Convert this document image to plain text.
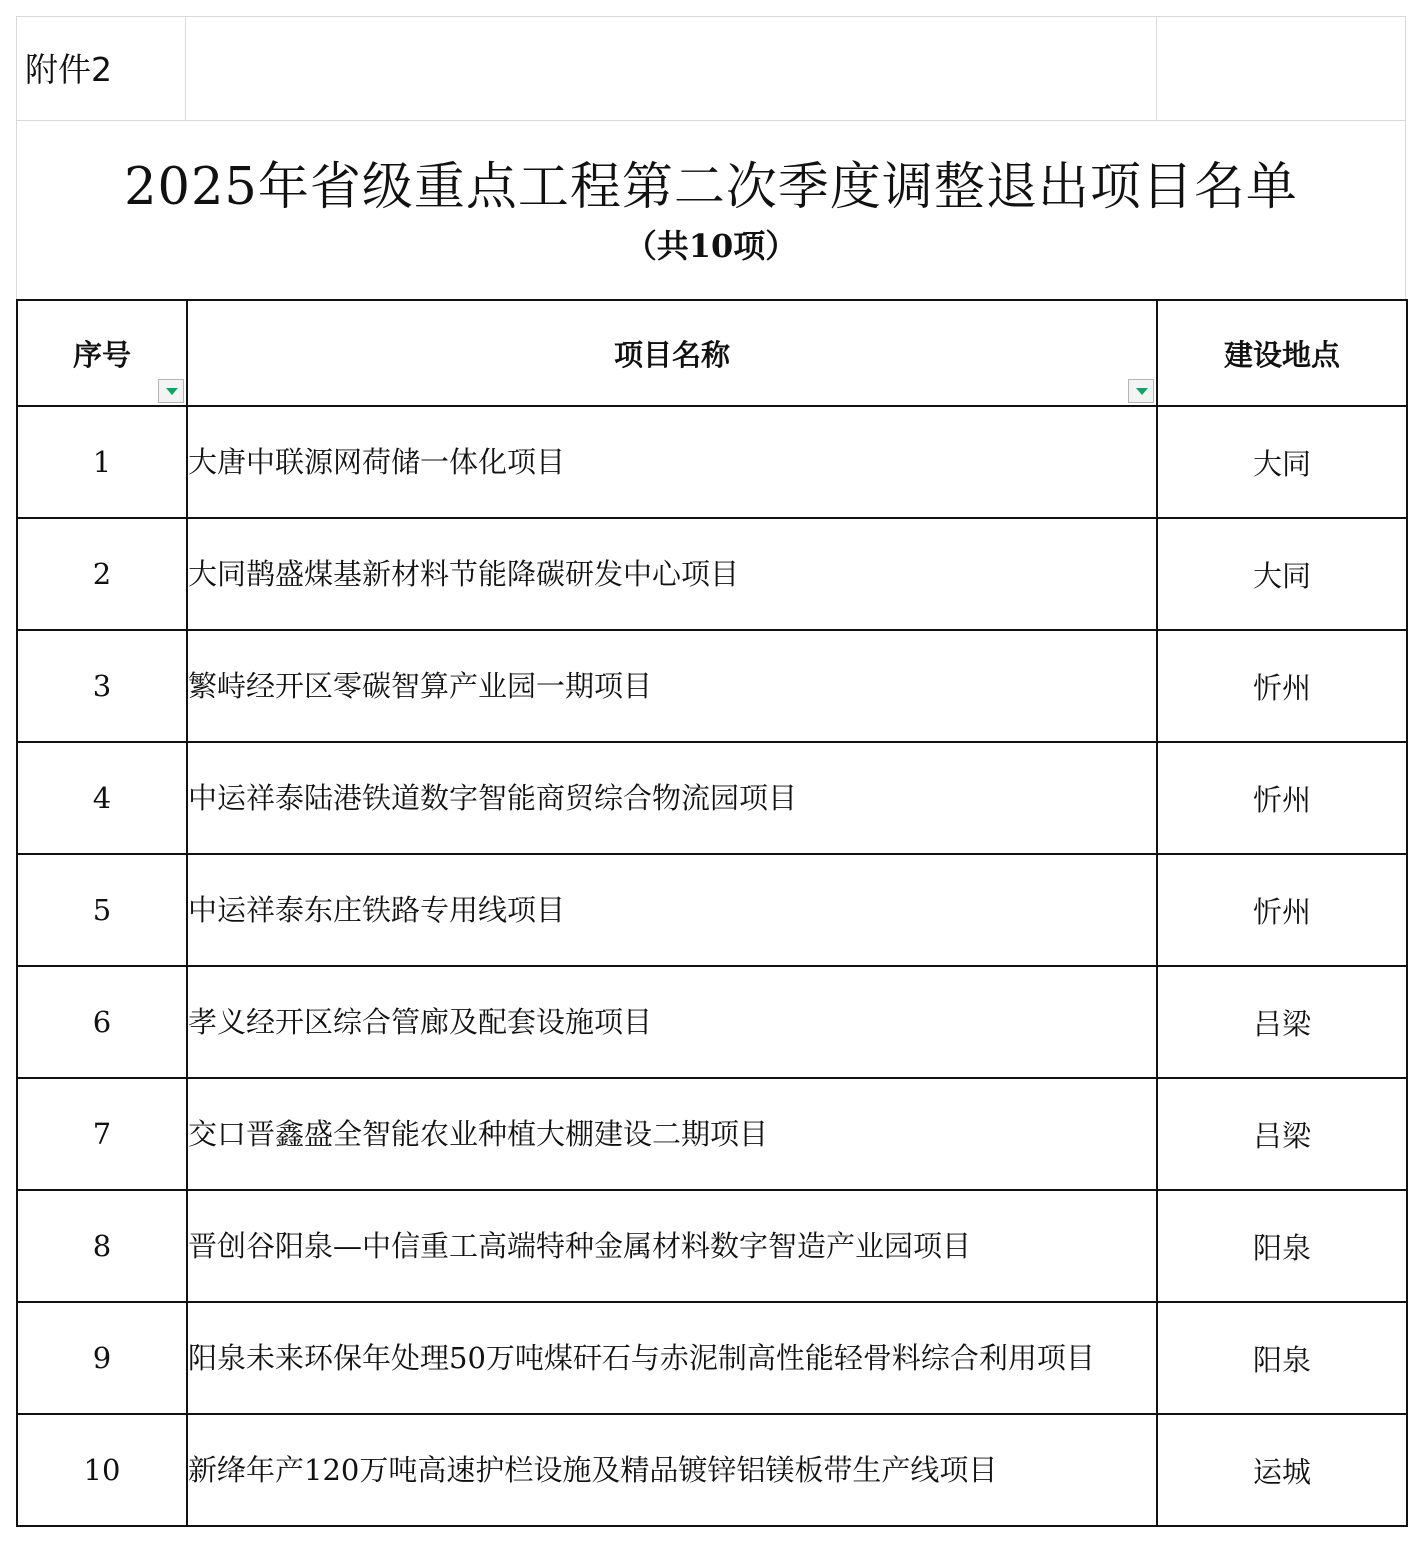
附件2
2025年省级重点工程第二次季度调整退出项目名单
（共10项）
序号	项目名称	建设地点
1	大唐中联源网荷储一体化项目	大同
2	大同鹊盛煤基新材料节能降碳研发中心项目	大同
3	繁峙经开区零碳智算产业园一期项目	忻州
4	中运祥泰陆港铁道数字智能商贸综合物流园项目	忻州
5	中运祥泰东庄铁路专用线项目	忻州
6	孝义经开区综合管廊及配套设施项目	吕梁
7	交口晋鑫盛全智能农业种植大棚建设二期项目	吕梁
8	晋创谷阳泉—中信重工高端特种金属材料数字智造产业园项目	阳泉
9	阳泉未来环保年处理50万吨煤矸石与赤泥制高性能轻骨料综合利用项目	阳泉
10	新绛年产120万吨高速护栏设施及精品镀锌铝镁板带生产线项目	运城
